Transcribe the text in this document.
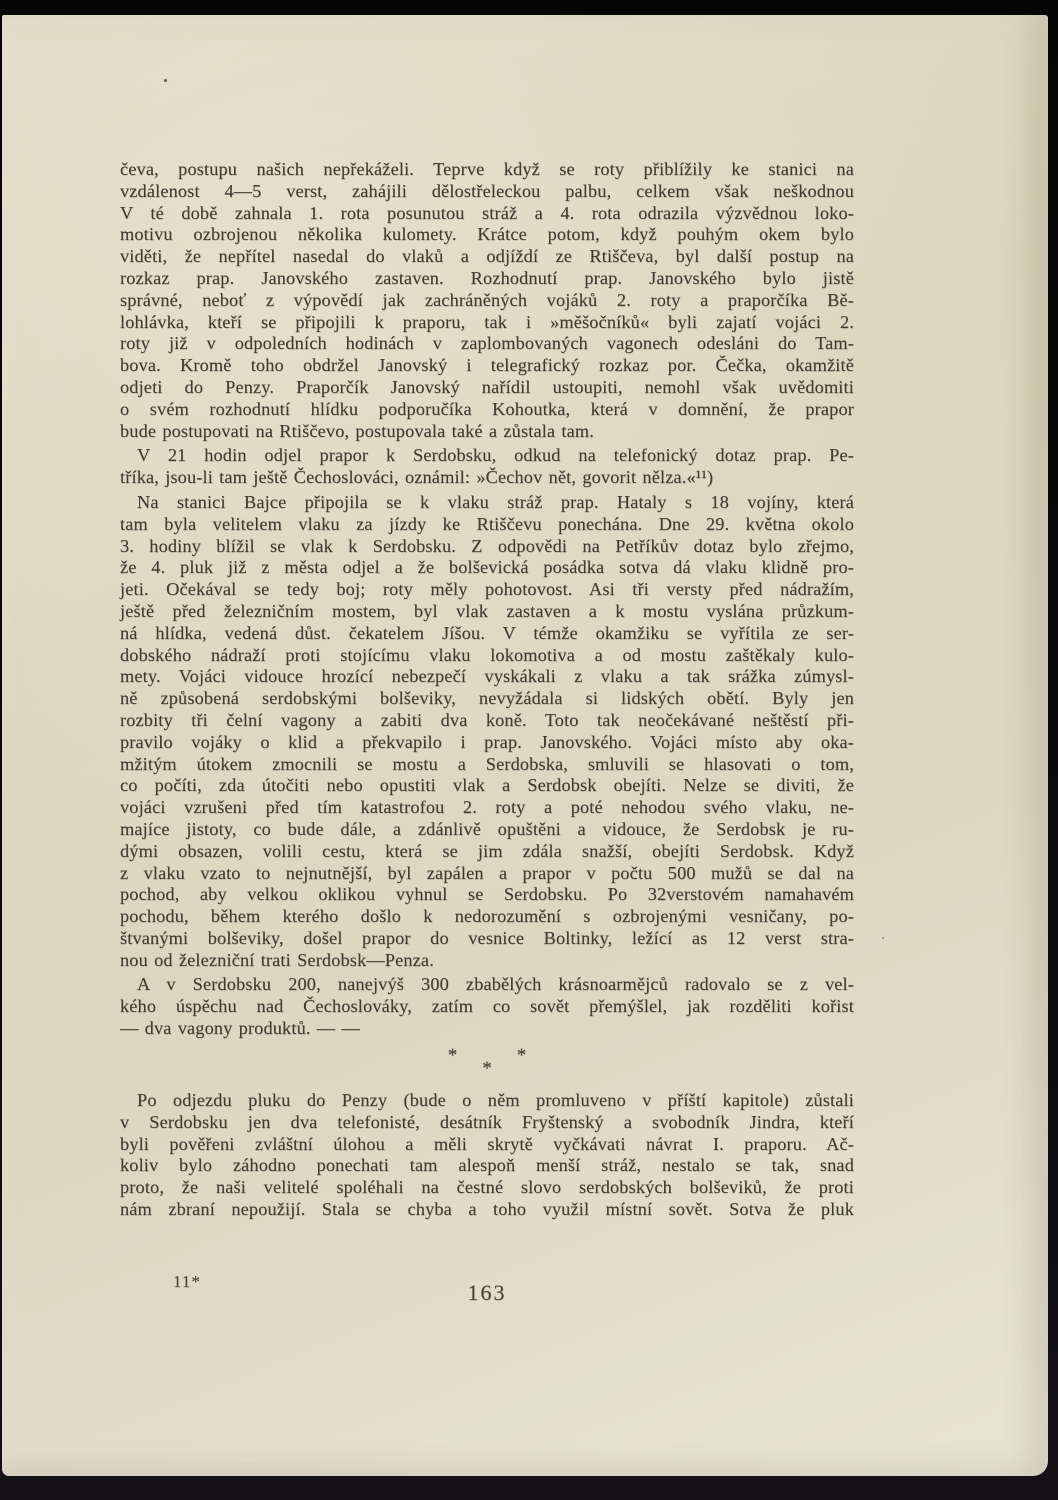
čeva, postupu našich nepřekáželi. Teprve když se roty přiblížily ke stanici na
vzdálenost 4—5 verst, zahájili dělostřeleckou palbu, celkem však neškodnou
V té době zahnala 1. rota posunutou stráž a 4. rota odrazila výzvědnou loko-
motivu ozbrojenou několika kulomety. Krátce potom, když pouhým okem bylo
viděti, že nepřítel nasedal do vlaků a odjíždí ze Rtiščeva, byl další postup na
rozkaz prap. Janovského zastaven. Rozhodnutí prap. Janovského bylo jistě
správné, neboť z výpovědí jak zachráněných vojáků 2. roty a praporčíka Bě-
lohlávka, kteří se připojili k praporu, tak i »měšočníků« byli zajatí vojáci 2.
roty již v odpoledních hodinách v zaplombovaných vagonech odesláni do Tam-
bova. Kromě toho obdržel Janovský i telegrafický rozkaz por. Čečka, okamžitě
odjeti do Penzy. Praporčík Janovský nařídil ustoupiti, nemohl však uvědomiti
o svém rozhodnutí hlídku podporučíka Kohoutka, která v domnění, že prapor
bude postupovati na Rtiščevo, postupovala také a zůstala tam.

V 21 hodin odjel prapor k Serdobsku, odkud na telefonický dotaz prap. Pe-
tříka, jsou-li tam ještě Čechoslováci, oznámil: »Čechov nět, govorit nělza.«¹¹)

Na stanici Bajce připojila se k vlaku stráž prap. Hataly s 18 vojíny, která
tam byla velitelem vlaku za jízdy ke Rtiščevu ponechána. Dne 29. května okolo
3. hodiny blížil se vlak k Serdobsku. Z odpovědi na Petříkův dotaz bylo zřejmo,
že 4. pluk již z města odjel a že bolševická posádka sotva dá vlaku klidně pro-
jeti. Očekával se tedy boj; roty měly pohotovost. Asi tři versty před nádražím,
ještě před železničním mostem, byl vlak zastaven a k mostu vyslána průzkum-
ná hlídka, vedená důst. čekatelem Jíšou. V témže okamžiku se vyřítila ze ser-
dobského nádraží proti stojícímu vlaku lokomotiva a od mostu zaštěkaly kulo-
mety. Vojáci vidouce hrozící nebezpečí vyskákali z vlaku a tak srážka zúmysl-
ně způsobená serdobskými bolševiky, nevyžádala si lidských obětí. Byly jen
rozbity tři čelní vagony a zabiti dva koně. Toto tak neočekávané neštěstí při-
pravilo vojáky o klid a překvapilo i prap. Janovského. Vojáci místo aby oka-
mžitým útokem zmocnili se mostu a Serdobska, smluvili se hlasovati o tom,
co počíti, zda útočiti nebo opustiti vlak a Serdobsk obejíti. Nelze se diviti, že
vojáci vzrušeni před tím katastrofou 2. roty a poté nehodou svého vlaku, ne-
majíce jistoty, co bude dále, a zdánlivě opuštěni a vidouce, že Serdobsk je ru-
dými obsazen, volili cestu, která se jim zdála snažší, obejíti Serdobsk. Když
z vlaku vzato to nejnutnější, byl zapálen a prapor v počtu 500 mužů se dal na
pochod, aby velkou oklikou vyhnul se Serdobsku. Po 32verstovém namahavém
pochodu, během kterého došlo k nedorozumění s ozbrojenými vesničany, po-
štvanými bolševiky, došel prapor do vesnice Boltinky, ležící as 12 verst stra-
nou od železniční trati Serdobsk—Penza.

A v Serdobsku 200, nanejvýš 300 zbabělých krásnoarmějců radovalo se z vel-
kého úspěchu nad Čechoslováky, zatím co sovět přemýšlel, jak rozděliti kořist
— dva vagony produktů. — —

***

Po odjezdu pluku do Penzy (bude o něm promluveno v příští kapitole) zůstali
v Serdobsku jen dva telefonisté, desátník Fryštenský a svobodník Jindra, kteří
byli pověřeni zvláštní úlohou a měli skrytě vyčkávati návrat I. praporu. Ač-
koliv bylo záhodno ponechati tam alespoň menší stráž, nestalo se tak, snad
proto, že naši velitelé spoléhali na čestné slovo serdobských bolševiků, že proti
nám zbraní nepoužijí. Stala se chyba a toho využil místní sovět. Sotva že pluk

11*	163
